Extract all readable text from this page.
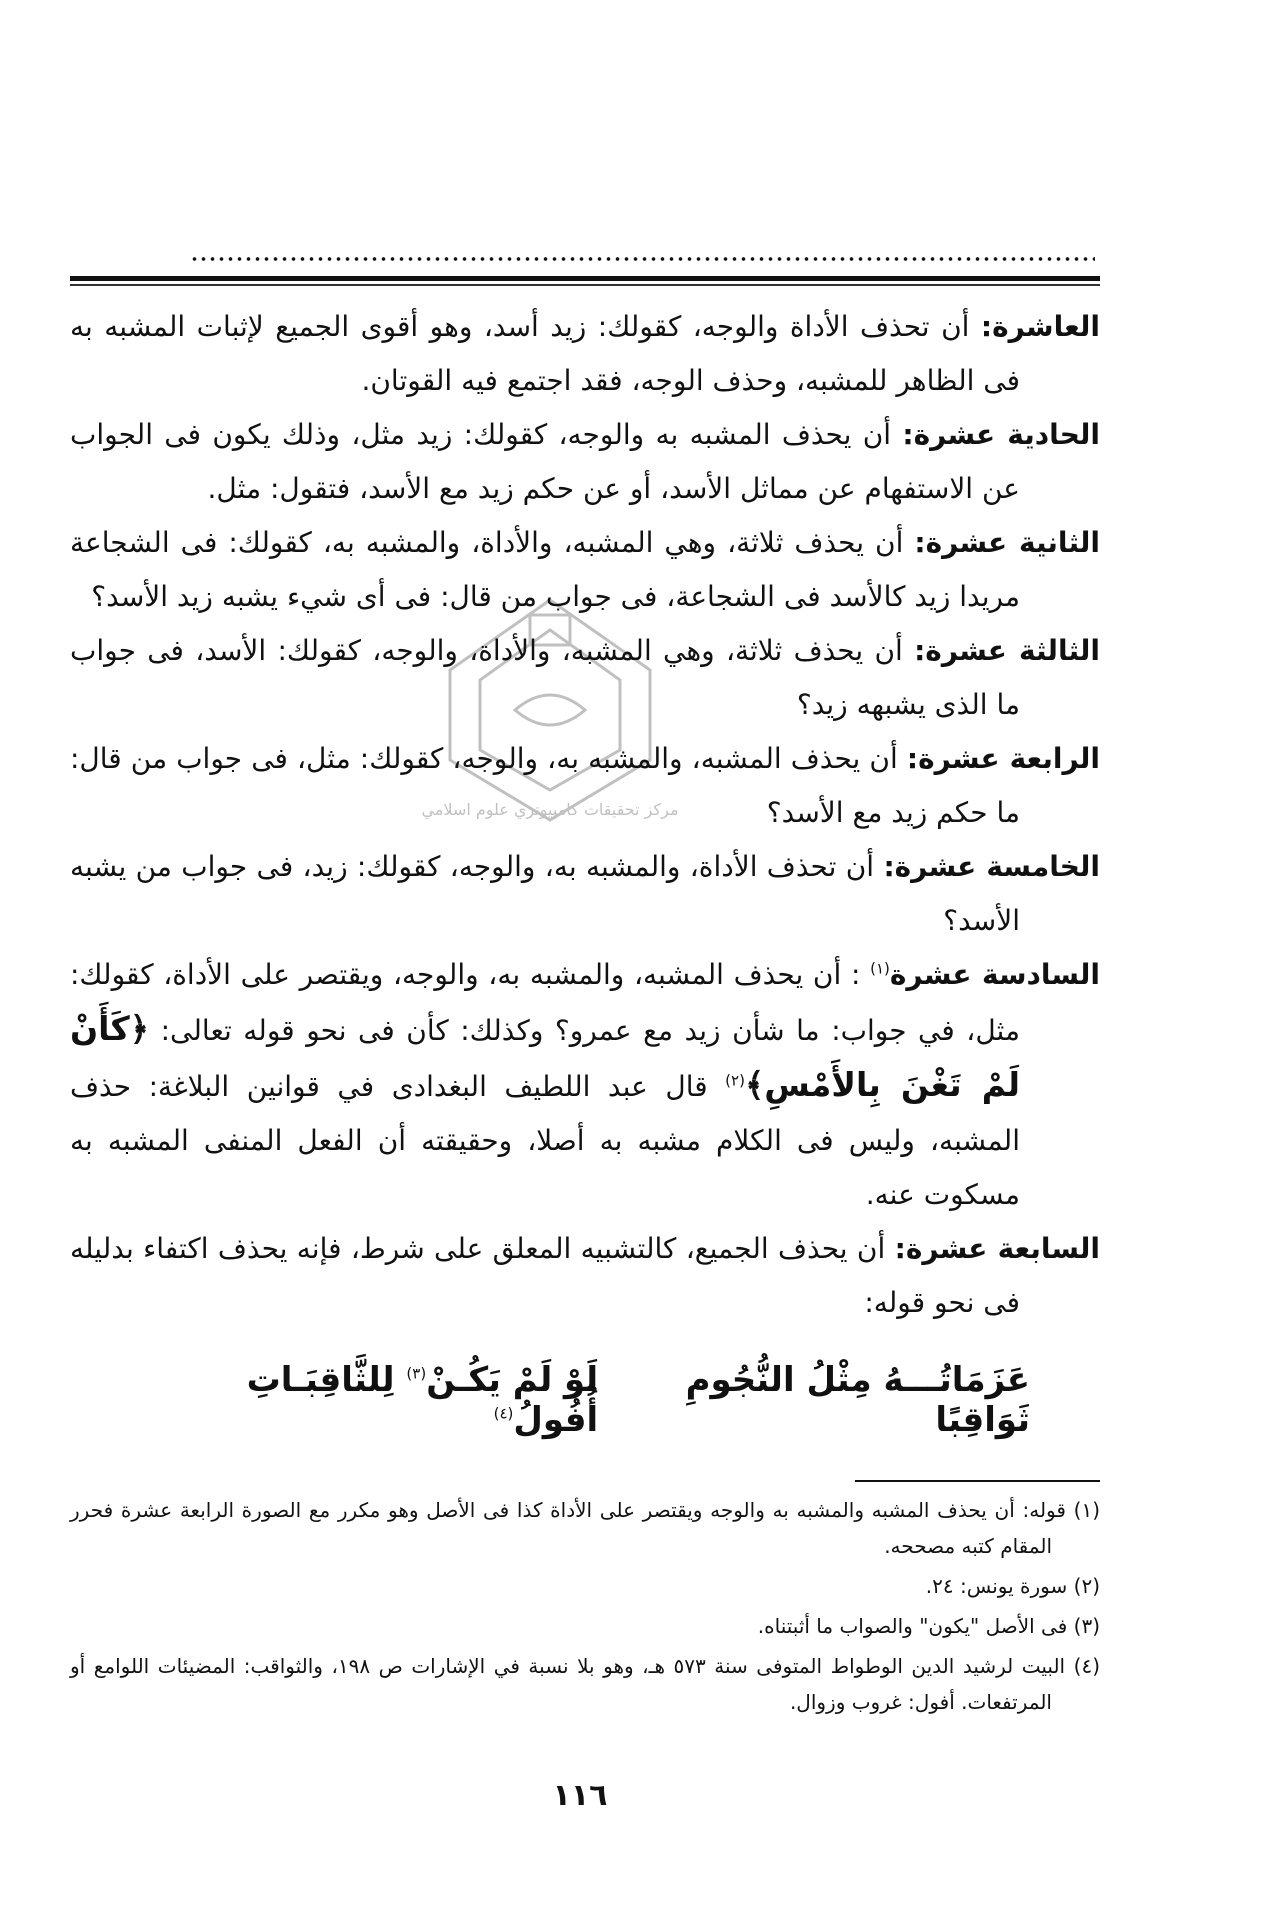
مركز تحقيقات كامپيوتري علوم اسلامي

العاشرة: أن تحذف الأداة والوجه، كقولك: زيد أسد، وهو أقوى الجميع لإثبات المشبه به فى الظاهر للمشبه، وحذف الوجه، فقد اجتمع فيه القوتان.

الحادية عشرة: أن يحذف المشبه به والوجه، كقولك: زيد مثل، وذلك يكون فى الجواب عن الاستفهام عن مماثل الأسد، أو عن حكم زيد مع الأسد، فتقول: مثل.

الثانية عشرة: أن يحذف ثلاثة، وهي المشبه، والأداة، والمشبه به، كقولك: فى الشجاعة مريدا زيد كالأسد فى الشجاعة، فى جواب من قال: فى أى شيء يشبه زيد الأسد؟

الثالثة عشرة: أن يحذف ثلاثة، وهي المشبه، والأداة، والوجه، كقولك: الأسد، فى جواب ما الذى يشبهه زيد؟

الرابعة عشرة: أن يحذف المشبه، والمشبه به، والوجه، كقولك: مثل، فى جواب من قال: ما حكم زيد مع الأسد؟

الخامسة عشرة: أن تحذف الأداة، والمشبه به، والوجه، كقولك: زيد، فى جواب من يشبه الأسد؟

السادسة عشرة$^{(١)}$ : أن يحذف المشبه، والمشبه به، والوجه، ويقتصر على الأداة، كقولك: مثل، في جواب: ما شأن زيد مع عمرو؟ وكذلك: كأن فى نحو قوله تعالى: ﴿كَأَنْ لَمْ تَغْنَ بِالأَمْسِ﴾$^{(٢)}$ قال عبد اللطيف البغدادى في قوانين البلاغة: حذف المشبه، وليس فى الكلام مشبه به أصلا، وحقيقته أن الفعل المنفى المشبه به مسكوت عنه.

السابعة عشرة: أن يحذف الجميع، كالتشبيه المعلق على شرط، فإنه يحذف اكتفاء بدليله فى نحو قوله:

عَزَمَاتُـــهُ مِثْلُ النُّجُومِ ثَوَاقِبًا
لَوْ لَمْ يَكُـنْ$^{(٣)}$ لِلثَّاقِبَـاتِ أُفُولُ$^{(٤)}$

(١) قوله: أن يحذف المشبه والمشبه به والوجه ويقتصر على الأداة كذا فى الأصل وهو مكرر مع الصورة الرابعة عشرة فحرر المقام كتبه مصححه.

(٢) سورة يونس: ٢٤.

(٣) فى الأصل "يكون" والصواب ما أثبتناه.

(٤) البيت لرشيد الدين الوطواط المتوفى سنة ٥٧٣ هـ، وهو بلا نسبة في الإشارات ص ١٩٨، والثواقب: المضيئات اللوامع أو المرتفعات. أفول: غروب وزوال.

١١٦
